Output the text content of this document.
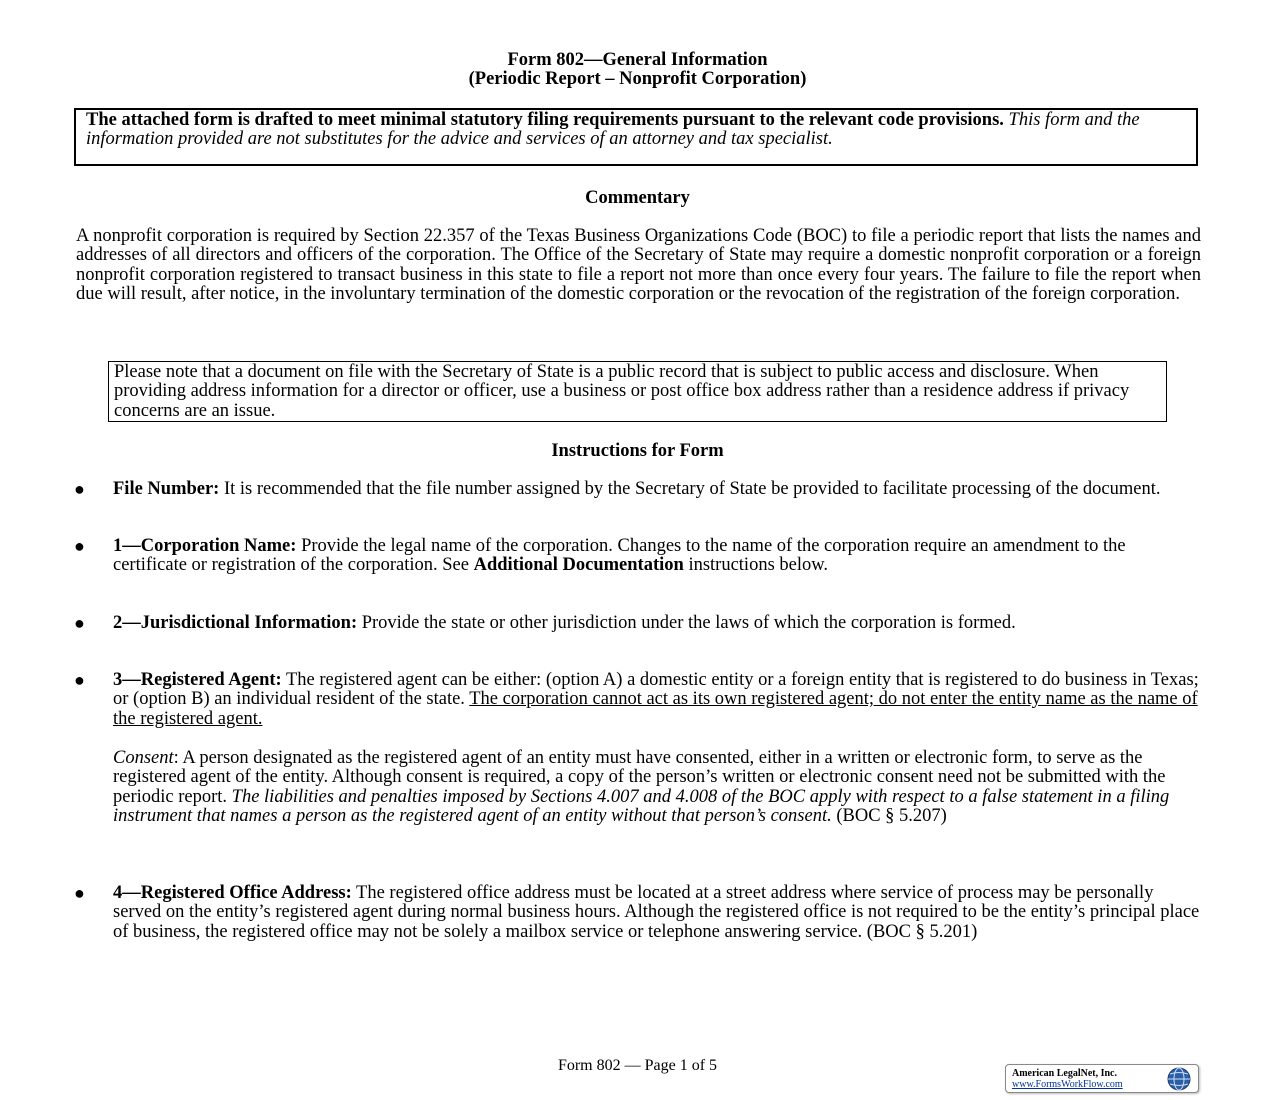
Form 802—General Information
(Periodic Report – Nonprofit Corporation)
The attached form is drafted to meet minimal statutory filing requirements pursuant to the relevant code provisions. This form and the information provided are not substitutes for the advice and services of an attorney and tax specialist.
Commentary
A nonprofit corporation is required by Section 22.357 of the Texas Business Organizations Code (BOC) to file a periodic report that lists the names and addresses of all directors and officers of the corporation. The Office of the Secretary of State may require a domestic nonprofit corporation or a foreign nonprofit corporation registered to transact business in this state to file a report not more than once every four years. The failure to file the report when due will result, after notice, in the involuntary termination of the domestic corporation or the revocation of the registration of the foreign corporation.
Please note that a document on file with the Secretary of State is a public record that is subject to public access and disclosure. When providing address information for a director or officer, use a business or post office box address rather than a residence address if privacy concerns are an issue.
Instructions for Form
● File Number: It is recommended that the file number assigned by the Secretary of State be provided to facilitate processing of the document.
● 1—Corporation Name: Provide the legal name of the corporation. Changes to the name of the corporation require an amendment to the certificate or registration of the corporation. See Additional Documentation instructions below.
● 2—Jurisdictional Information: Provide the state or other jurisdiction under the laws of which the corporation is formed.
● 3—Registered Agent: The registered agent can be either: (option A) a domestic entity or a foreign entity that is registered to do business in Texas; or (option B) an individual resident of the state. The corporation cannot act as its own registered agent; do not enter the entity name as the name of the registered agent.
Consent: A person designated as the registered agent of an entity must have consented, either in a written or electronic form, to serve as the registered agent of the entity. Although consent is required, a copy of the person’s written or electronic consent need not be submitted with the periodic report. The liabilities and penalties imposed by Sections 4.007 and 4.008 of the BOC apply with respect to a false statement in a filing instrument that names a person as the registered agent of an entity without that person’s consent. (BOC § 5.207)
● 4—Registered Office Address: The registered office address must be located at a street address where service of process may be personally served on the entity’s registered agent during normal business hours. Although the registered office is not required to be the entity’s principal place of business, the registered office may not be solely a mailbox service or telephone answering service. (BOC § 5.201)
Form 802 — Page 1 of 5	American LegalNet, Inc.
www.FormsWorkFlow.com
